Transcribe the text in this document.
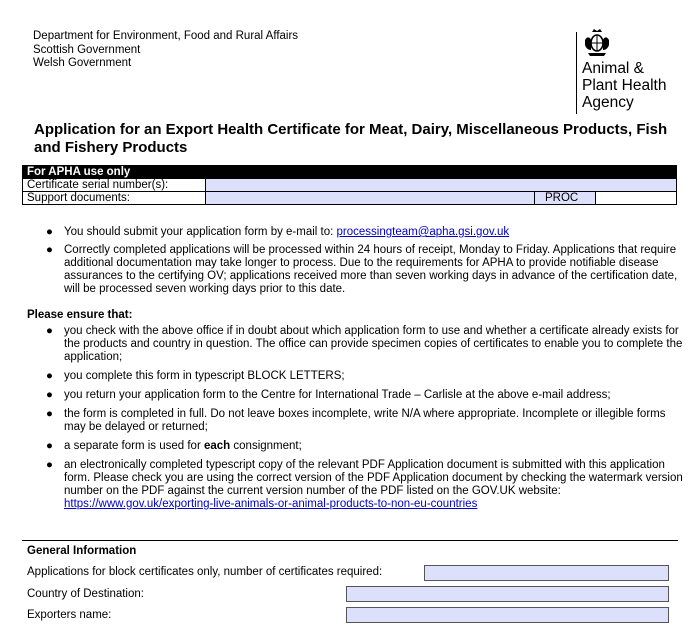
Department for Environment, Food and Rural Affairs
Scottish Government
Welsh Government	Animal &
Plant Health
Agency
Application for an Export Health Certificate for Meat, Dairy, Miscellaneous Products, Fish and Fishery Products
For APHA use only			
Certificate serial number(s):			
Support documents:		PROC	
● You should submit your application form by e-mail to: processingteam@apha.gsi.gov.uk
● Correctly completed applications will be processed within 24 hours of receipt, Monday to Friday. Applications that require additional documentation may take longer to process. Due to the requirements for APHA to provide notifiable disease assurances to the certifying OV; applications received more than seven working days in advance of the certification date, will be processed seven working days prior to this date.
Please ensure that:
● you check with the above office if in doubt about which application form to use and whether a certificate already exists for the products and country in question. The office can provide specimen copies of certificates to enable you to complete the application;
● you complete this form in typescript BLOCK LETTERS;
● you return your application form to the Centre for International Trade – Carlisle at the above e-mail address;
● the form is completed in full. Do not leave boxes incomplete, write N/A where appropriate. Incomplete or illegible forms may be delayed or returned;
● a separate form is used for each consignment;
● an electronically completed typescript copy of the relevant PDF Application document is submitted with this application form. Please check you are using the correct version of the PDF Application document by checking the watermark version number on the PDF against the current version number of the PDF listed on the GOV.UK website: https://www.gov.uk/exporting-live-animals-or-animal-products-to-non-eu-countries
General Information
Applications for block certificates only, number of certificates required:
Country of Destination:
Exporters name:
